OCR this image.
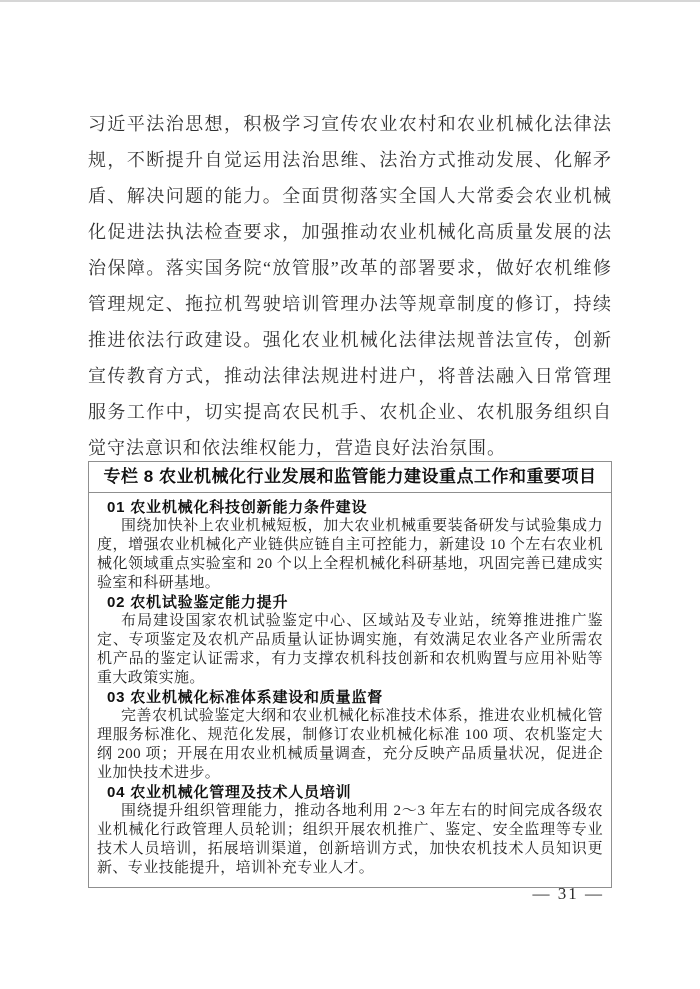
习近平法治思想，积极学习宣传农业农村和农业机械化法律法规，不断提升自觉运用法治思维、法治方式推动发展、化解矛盾、解决问题的能力。全面贯彻落实全国人大常委会农业机械化促进法执法检查要求，加强推动农业机械化高质量发展的法治保障。落实国务院“放管服”改革的部署要求，做好农机维修管理规定、拖拉机驾驶培训管理办法等规章制度的修订，持续推进依法行政建设。强化农业机械化法律法规普法宣传，创新宣传教育方式，推动法律法规进村进户，将普法融入日常管理服务工作中，切实提高农民机手、农机企业、农机服务组织自觉守法意识和依法维权能力，营造良好法治氛围。

专栏 8 农业机械化行业发展和监管能力建设重点工作和重要项目
01 农业机械化科技创新能力条件建设

围绕加快补上农业机械短板，加大农业机械重要装备研发与试验集成力度，增强农业机械化产业链供应链自主可控能力，新建设 10 个左右农业机械化领域重点实验室和 20 个以上全程机械化科研基地，巩固完善已建成实验室和科研基地。

02 农机试验鉴定能力提升

布局建设国家农机试验鉴定中心、区域站及专业站，统筹推进推广鉴定、专项鉴定及农机产品质量认证协调实施，有效满足农业各产业所需农机产品的鉴定认证需求，有力支撑农机科技创新和农机购置与应用补贴等重大政策实施。

03 农业机械化标准体系建设和质量监督

完善农机试验鉴定大纲和农业机械化标准技术体系，推进农业机械化管理服务标准化、规范化发展，制修订农业机械化标准 100 项、农机鉴定大纲 200 项；开展在用农业机械质量调查，充分反映产品质量状况，促进企业加快技术进步。

04 农业机械化管理及技术人员培训

围绕提升组织管理能力，推动各地利用 2～3 年左右的时间完成各级农业机械化行政管理人员轮训；组织开展农机推广、鉴定、安全监理等专业技术人员培训，拓展培训渠道，创新培训方式，加快农机技术人员知识更新、专业技能提升，培训补充专业人才。

— 31 —
